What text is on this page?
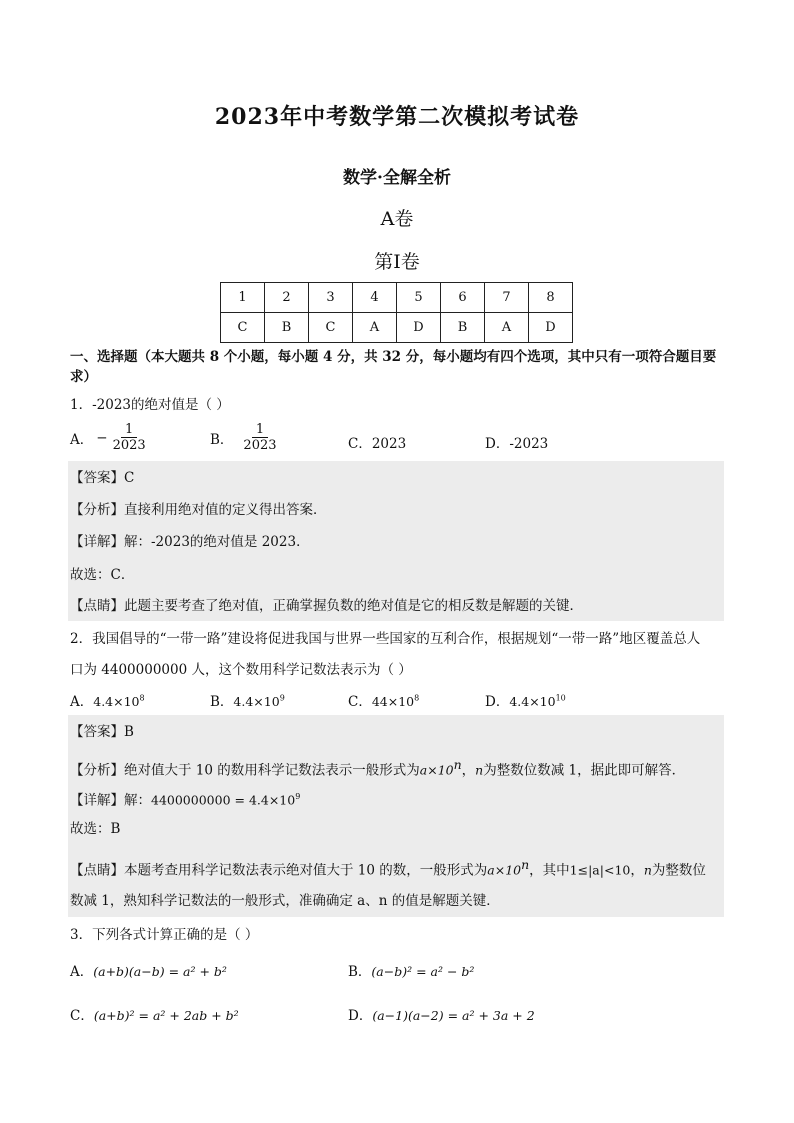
2023年中考数学第二次模拟考试卷
数学·全解全析
A卷
第Ⅰ卷
1	2	3	4	5	6	7	8
C	B	C	A	D	B	A	D
一、选择题（本大题共 8 个小题，每小题 4 分，共 32 分，每小题均有四个选项，其中只有一项符合题目要
求）
1．-2023的绝对值是（ ）
A． − $\frac{1}{2023}$	B． $\frac{1}{2023}$	C．2023	D．-2023
【答案】C
【分析】直接利用绝对值的定义得出答案．
【详解】解：-2023的绝对值是 2023．
故选：C．
【点睛】此题主要考查了绝对值，正确掌握负数的绝对值是它的相反数是解题的关键．
2．我国倡导的“一带一路”建设将促进我国与世界一些国家的互利合作，根据规划“一带一路”地区覆盖总人
口为 4400000000 人，这个数用科学记数法表示为（ ）
A．$4.4\times 10^8$	B．$4.4\times 10^9$	C．$44\times 10^8$	D．$4.4\times 10^{10}$
【答案】B
【分析】绝对值大于 10 的数用科学记数法表示一般形式为$a\times 10^n$，n为整数位数减 1，据此即可解答．
【详解】解：$4400000000 = 4.4\times 10^9$
故选：B
【点睛】本题考查用科学记数法表示绝对值大于 10 的数，一般形式为$a\times 10^n$，其中1≤|a|<10，n为整数位
数减 1，熟知科学记数法的一般形式，准确确定 a、n 的值是解题关键．
3．下列各式计算正确的是（ ）
A．(a+b)(a−b) = a² + b²	B．(a−b)² = a² − b²
C．(a+b)² = a² + 2ab + b²	D．(a−1)(a−2) = a² + 3a + 2
